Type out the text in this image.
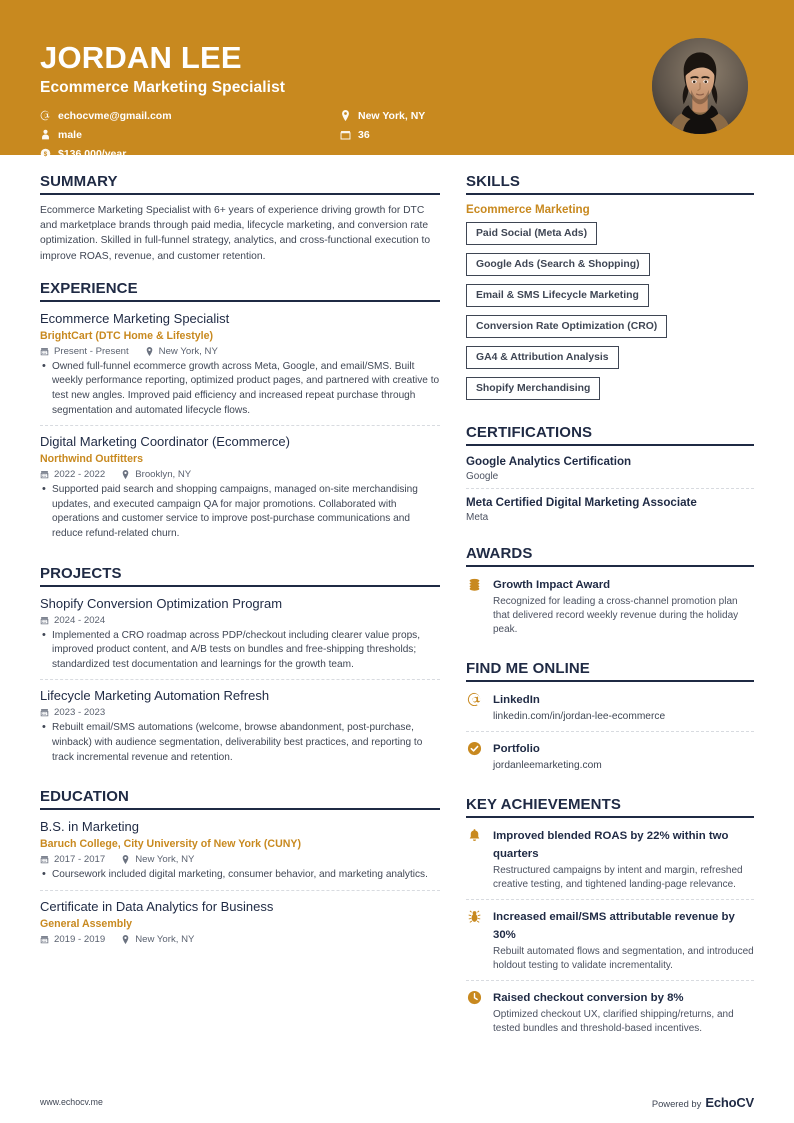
JORDAN LEE
Ecommerce Marketing Specialist
echocvme@gmail.com	New York, NY
male	36
$ $136,000/year
SUMMARY
Ecommerce Marketing Specialist with 6+ years of experience driving growth for DTC and marketplace brands through paid media, lifecycle marketing, and conversion rate optimization. Skilled in full-funnel strategy, analytics, and cross-functional execution to improve ROAS, revenue, and customer retention.
EXPERIENCE
Ecommerce Marketing Specialist
BrightCart (DTC Home & Lifestyle)
Present - Present	New York, NY
• Owned full-funnel ecommerce growth across Meta, Google, and email/SMS. Built weekly performance reporting, optimized product pages, and partnered with creative to test new angles. Improved paid efficiency and increased repeat purchase through segmentation and automated lifecycle flows.
Digital Marketing Coordinator (Ecommerce)
Northwind Outfitters
2022 - 2022	Brooklyn, NY
• Supported paid search and shopping campaigns, managed on-site merchandising updates, and executed campaign QA for major promotions. Collaborated with operations and customer service to improve post-purchase communications and reduce refund-related churn.
PROJECTS
Shopify Conversion Optimization Program
2024 - 2024
• Implemented a CRO roadmap across PDP/checkout including clearer value props, improved product content, and A/B tests on bundles and free-shipping thresholds; standardized test documentation and learnings for the growth team.
Lifecycle Marketing Automation Refresh
2023 - 2023
• Rebuilt email/SMS automations (welcome, browse abandonment, post-purchase, winback) with audience segmentation, deliverability best practices, and reporting to track incremental revenue and retention.
EDUCATION
B.S. in Marketing
Baruch College, City University of New York (CUNY)
2017 - 2017	New York, NY
• Coursework included digital marketing, consumer behavior, and marketing analytics.
Certificate in Data Analytics for Business
General Assembly
2019 - 2019	New York, NY
SKILLS
Ecommerce Marketing
Paid Social (Meta Ads)
Google Ads (Search & Shopping)
Email & SMS Lifecycle Marketing
Conversion Rate Optimization (CRO)
GA4 & Attribution Analysis
Shopify Merchandising
CERTIFICATIONS
Google Analytics Certification
Google
Meta Certified Digital Marketing Associate
Meta
AWARDS
Growth Impact Award
Recognized for leading a cross-channel promotion plan that delivered record weekly revenue during the holiday peak.
FIND ME ONLINE
LinkedIn
linkedin.com/in/jordan-lee-ecommerce
Portfolio
jordanleemarketing.com
KEY ACHIEVEMENTS
Improved blended ROAS by 22% within two quarters
Restructured campaigns by intent and margin, refreshed creative testing, and tightened landing-page relevance.
Increased email/SMS attributable revenue by 30%
Rebuilt automated flows and segmentation, and introduced holdout testing to validate incrementality.
Raised checkout conversion by 8%
Optimized checkout UX, clarified shipping/returns, and tested bundles and threshold-based incentives.
www.echocv.me	Powered by EchoCV
